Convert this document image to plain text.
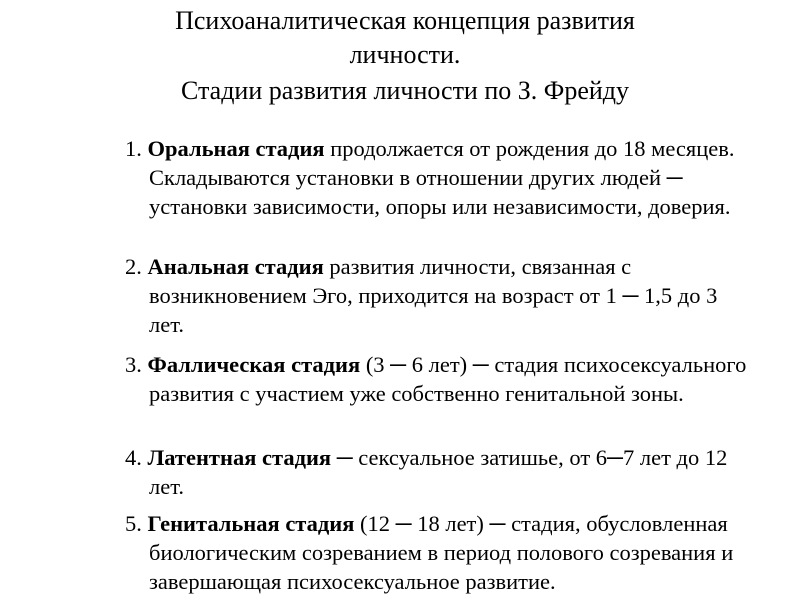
Психоаналитическая концепция развития
личности.
Стадии развития личности по З. Фрейду

1. Оральная стадия продолжается от рождения до 18 месяцев. Складываются установки в отношении других людей ─ установки зависимости, опоры или независимости, доверия.

2. Анальная стадия развития личности, связанная с возникновением Эго, приходится на возраст от 1 ─ 1,5 до 3 лет.

3. Фаллическая стадия (3 ─ 6 лет) ─ стадия психосексуального развития с участием уже собственно генитальной зоны.

4. Латентная стадия ─ сексуальное затишье, от 6─7 лет до 12 лет.

5. Генитальная стадия (12 ─ 18 лет) ─ стадия, обусловленная биологическим созреванием в период полового созревания и завершающая психосексуальное развитие.
